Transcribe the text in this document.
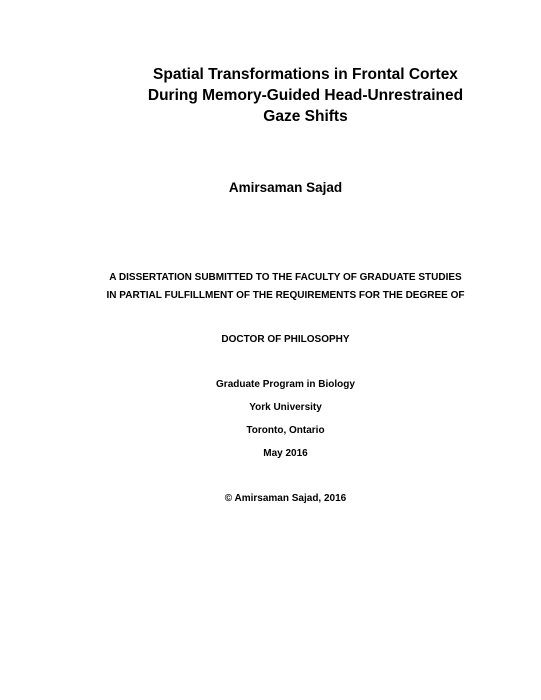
Spatial Transformations in Frontal Cortex
During Memory-Guided Head-Unrestrained
Gaze Shifts
Amirsaman Sajad
A DISSERTATION SUBMITTED TO THE FACULTY OF GRADUATE STUDIES
IN PARTIAL FULFILLMENT OF THE REQUIREMENTS FOR THE DEGREE OF
DOCTOR OF PHILOSOPHY
Graduate Program in Biology
York University
Toronto, Ontario
May 2016
© Amirsaman Sajad, 2016
